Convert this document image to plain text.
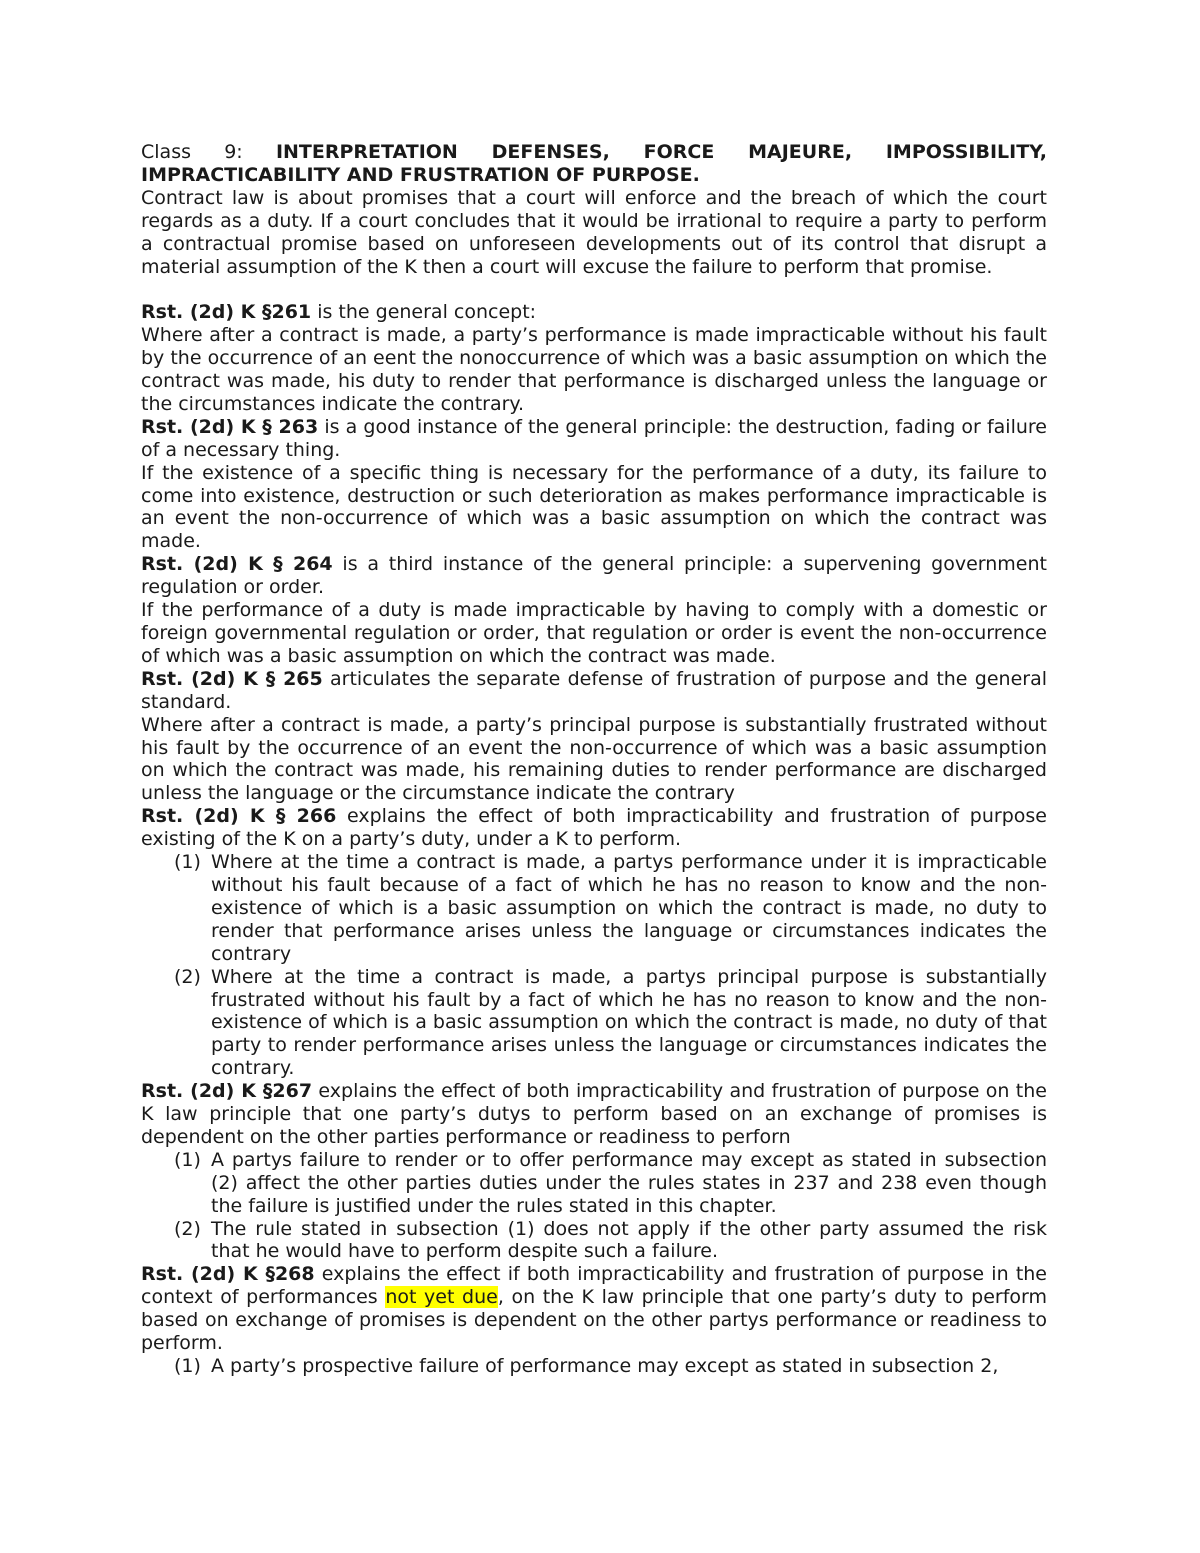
Class 9: INTERPRETATION DEFENSES, FORCE MAJEURE, IMPOSSIBILITY, IMPRACTICABILITY AND FRUSTRATION OF PURPOSE.

Contract law is about promises that a court will enforce and the breach of which the court regards as a duty. If a court concludes that it would be irrational to require a party to perform a contractual promise based on unforeseen developments out of its control that disrupt a material assumption of the K then a court will excuse the failure to perform that promise.

Rst. (2d) K §261 is the general concept:

Where after a contract is made, a party’s performance is made impracticable without his fault by the occurrence of an eent the nonoccurrence of which was a basic assumption on which the contract was made, his duty to render that performance is discharged unless the language or the circumstances indicate the contrary.

Rst. (2d) K § 263 is a good instance of the general principle: the destruction, fading or failure of a necessary thing.

If the existence of a specific thing is necessary for the performance of a duty, its failure to come into existence, destruction or such deterioration as makes performance impracticable is an event the non-occurrence of which was a basic assumption on which the contract was made.

Rst. (2d) K § 264 is a third instance of the general principle: a supervening government regulation or order.

If the performance of a duty is made impracticable by having to comply with a domestic or foreign governmental regulation or order, that regulation or order is event the non-occurrence of which was a basic assumption on which the contract was made.

Rst. (2d) K § 265 articulates the separate defense of frustration of purpose and the general standard.

Where after a contract is made, a party’s principal purpose is substantially frustrated without his fault by the occurrence of an event the non-occurrence of which was a basic assumption on which the contract was made, his remaining duties to render performance are discharged unless the language or the circumstance indicate the contrary

Rst. (2d) K § 266 explains the effect of both impracticability and frustration of purpose existing of the K on a party’s duty, under a K to perform.

(1) Where at the time a contract is made, a partys performance under it is impracticable without his fault because of a fact of which he has no reason to know and the non-existence of which is a basic assumption on which the contract is made, no duty to render that performance arises unless the language or circumstances indicates the contrary
(2) Where at the time a contract is made, a partys principal purpose is substantially frustrated without his fault by a fact of which he has no reason to know and the non-existence of which is a basic assumption on which the contract is made, no duty of that party to render performance arises unless the language or circumstances indicates the contrary.

Rst. (2d) K §267 explains the effect of both impracticability and frustration of purpose on the K law principle that one party’s dutys to perform based on an exchange of promises is dependent on the other parties performance or readiness to perforn

(1) A partys failure to render or to offer performance may except as stated in subsection (2) affect the other parties duties under the rules states in 237 and 238 even though the failure is justified under the rules stated in this chapter.
(2) The rule stated in subsection (1) does not apply if the other party assumed the risk that he would have to perform despite such a failure.

Rst. (2d) K §268 explains the effect if both impracticability and frustration of purpose in the context of performances not yet due, on the K law principle that one party’s duty to perform based on exchange of promises is dependent on the other partys performance or readiness to perform.

(1) A party’s prospective failure of performance may except as stated in subsection 2,
